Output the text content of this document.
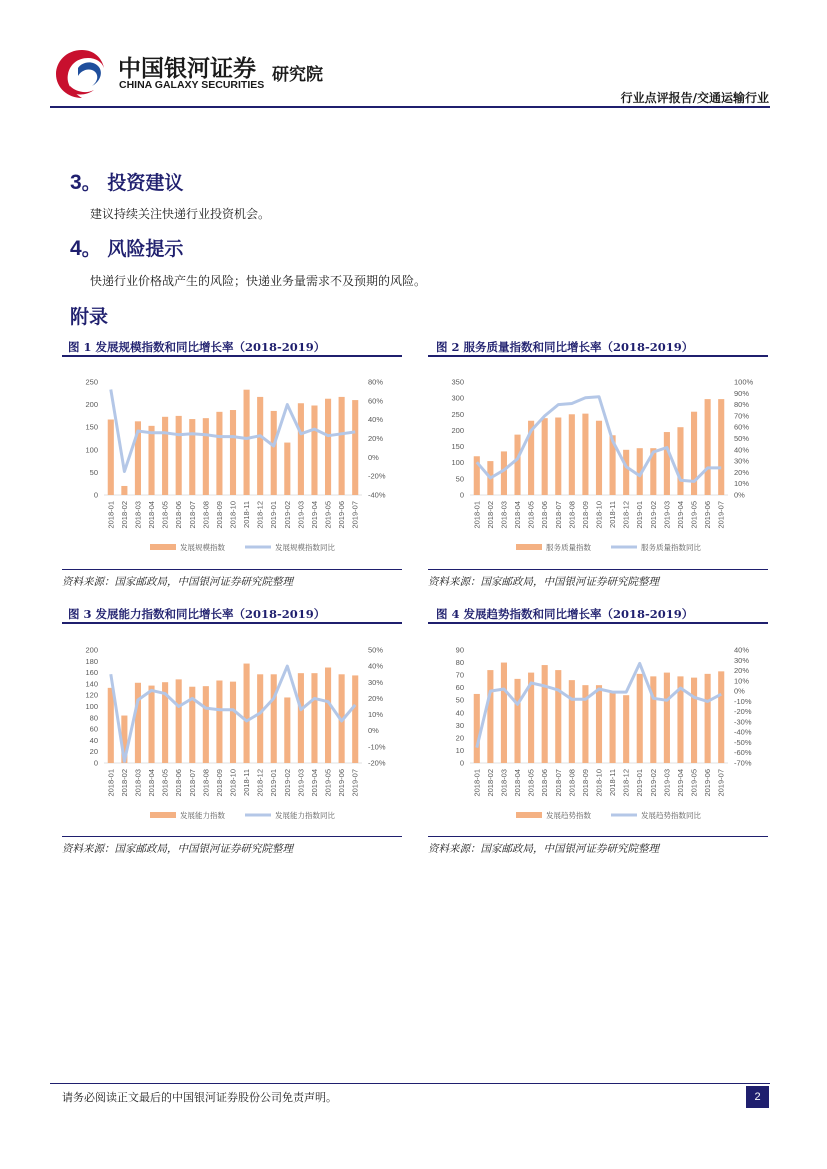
中国银河证券
CHINA GALAXY SECURITIES 研究院
行业点评报告/交通运输行业
3。 投资建议
建议持续关注快递行业投资机会。
4。 风险提示
快递行业价格战产生的风险；快递业务量需求不及预期的风险。
附录
图 1 发展规模指数和同比增长率（2018-2019）	图 2 服务质量指数和同比增长率（2018-2019）
0
50
100
150
200
250
-40%
-20%
0%
20%
40%
60%
80%
2018-01 2018-02 2018-03 2018-04 2018-05 2018-06 2018-07 2018-08 2018-09 2018-10 2018-11 2018-12 2019-01 2019-02 2019-03 2019-04 2019-05 2019-06 2019-07
发展规模指数	发展规模指数同比
0
50
100
150
200
250
300
350
0%
10%
20%
30%
40%
50%
60%
70%
80%
90%
100%
2018-01 2018-02 2018-03 2018-04 2018-05 2018-06 2018-07 2018-08 2018-09 2018-10 2018-11 2018-12 2019-01 2019-02 2019-03 2019-04 2019-05 2019-06 2019-07
服务质量指数	服务质量指数同比
资料来源：国家邮政局，中国银河证券研究院整理	资料来源：国家邮政局，中国银河证券研究院整理
图 3 发展能力指数和同比增长率（2018-2019）	图 4 发展趋势指数和同比增长率（2018-2019）
0
20
40
60
80
100
120
140
160
180
200
-20%
-10%
0%
10%
20%
30%
40%
50%
2018-01 2018-02 2018-03 2018-04 2018-05 2018-06 2018-07 2018-08 2018-09 2018-10 2018-11 2018-12 2019-01 2019-02 2019-03 2019-04 2019-05 2019-06 2019-07
发展能力指数	发展能力指数同比
0
10
20
30
40
50
60
70
80
90
-70%
-60%
-50%
-40%
-30%
-20%
-10%
0%
10%
20%
30%
40%
2018-01 2018-02 2018-03 2018-04 2018-05 2018-06 2018-07 2018-08 2018-09 2018-10 2018-11 2018-12 2019-01 2019-02 2019-03 2019-04 2019-05 2019-06 2019-07
发展趋势指数	发展趋势指数同比
资料来源：国家邮政局，中国银河证券研究院整理	资料来源：国家邮政局，中国银河证券研究院整理
请务必阅读正文最后的中国银河证券股份公司免责声明。	2
